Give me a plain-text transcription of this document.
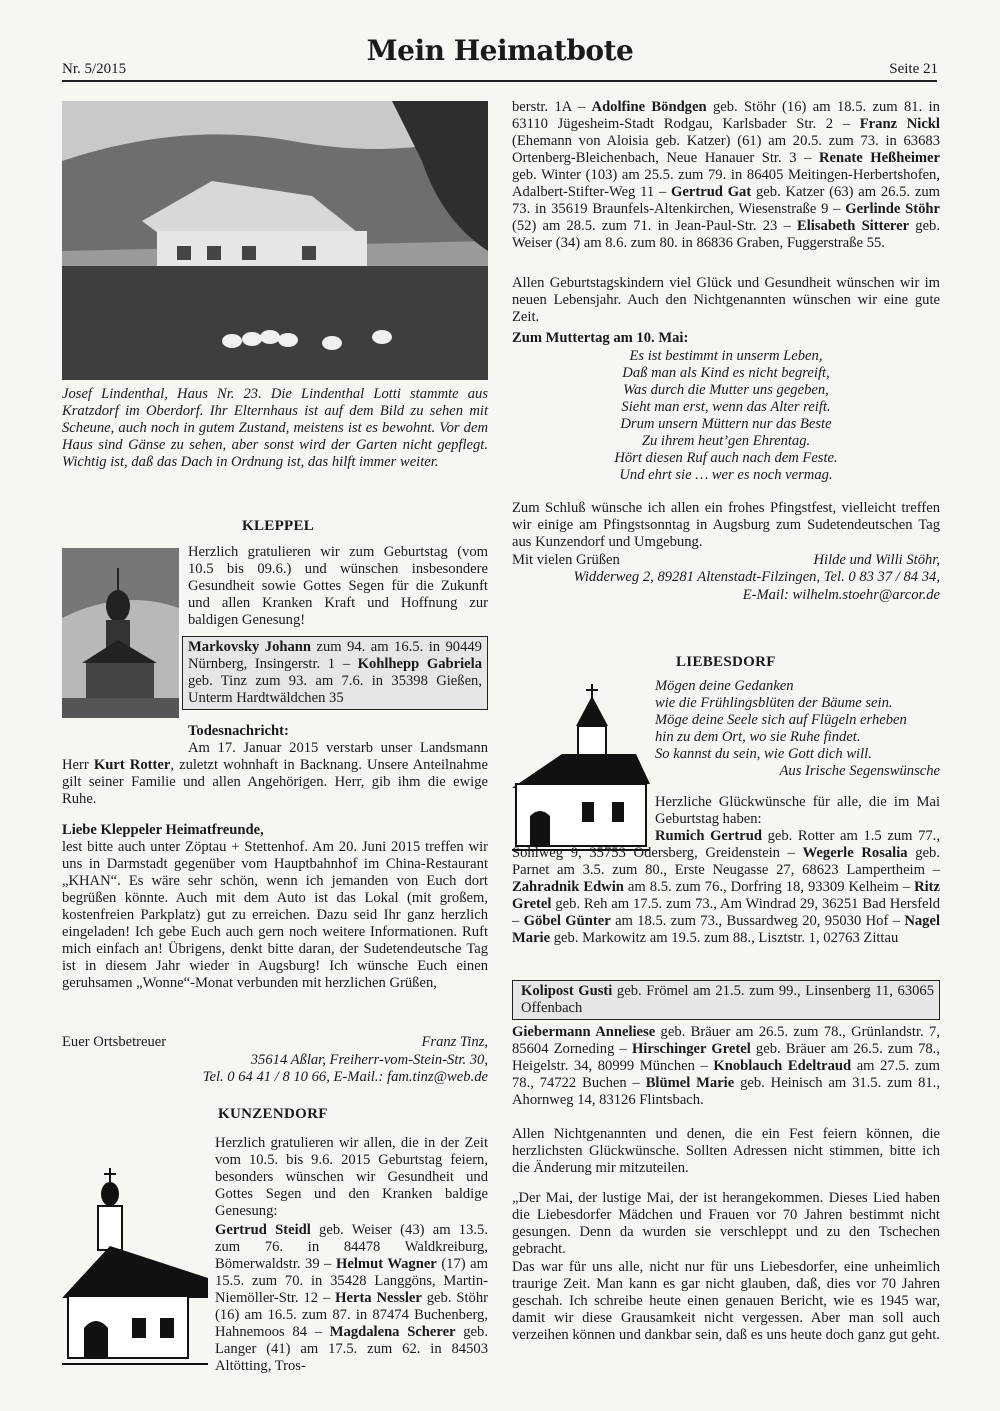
Nr. 5/2015
Mein Heimatbote
Seite 21
Josef Lindenthal, Haus Nr. 23. Die Lindenthal Lotti stammte aus Kratzdorf im Oberdorf. Ihr Elternhaus ist auf dem Bild zu sehen mit Scheune, auch noch in gutem Zustand, meistens ist es bewohnt. Vor dem Haus sind Gänse zu sehen, aber sonst wird der Garten nicht gepflegt. Wichtig ist, daß das Dach in Ordnung ist, das hilft immer weiter.
KLEPPEL
Herzlich gratulieren wir zum Geburtstag (vom 10.5 bis 09.6.) und wünschen insbesondere Gesundheit sowie Gottes Segen für die Zukunft und allen Kranken Kraft und Hoffnung zur baldigen Genesung!
Markovsky Johann zum 94. am 16.5. in 90449 Nürnberg, Insingerstr. 1 – Kohlhepp Gabriela geb. Tinz zum 93. am 7.6. in 35398 Gießen, Unterm Hardtwäldchen 35
Todesnachricht:
Am 17. Januar 2015 verstarb unser Landsmann Herr Kurt Rotter, zuletzt wohnhaft in Backnang. Unsere Anteilnahme gilt seiner Familie und allen Angehörigen. Herr, gib ihm die ewige Ruhe.
Liebe Kleppeler Heimatfreunde,
lest bitte auch unter Zöptau + Stettenhof. Am 20. Juni 2015 treffen wir uns in Darmstadt gegenüber vom Hauptbahnhof im China-Restaurant „KHAN“. Es wäre sehr schön, wenn ich jemanden von Euch dort begrüßen könnte. Auch mit dem Auto ist das Lokal (mit großem, kostenfreien Parkplatz) gut zu erreichen. Dazu seid Ihr ganz herzlich eingeladen! Ich gebe Euch auch gern noch weitere Informationen. Ruft mich einfach an! Übrigens, denkt bitte daran, der Sudetendeutsche Tag ist in diesem Jahr wieder in Augsburg! Ich wünsche Euch einen geruhsamen „Wonne“-Monat verbunden mit herzlichen Grüßen,
Euer Ortsbetreuer	Franz Tinz,
35614 Aßlar, Freiherr-vom-Stein-Str. 30,
Tel. 0 64 41 / 8 10 66, E-Mail.: fam.tinz@web.de
KUNZENDORF
Herzlich gratulieren wir allen, die in der Zeit vom 10.5. bis 9.6. 2015 Geburtstag feiern, besonders wünschen wir Gesundheit und Gottes Segen und den Kranken baldige Genesung:
Gertrud Steidl geb. Weiser (43) am 13.5. zum 76. in 84478 Waldkreiburg, Bömerwaldstr. 39 – Helmut Wagner (17) am 15.5. zum 70. in 35428 Langgöns, Martin-Niemöller-Str. 12 – Herta Nessler geb. Stöhr (16) am 16.5. zum 87. in 87474 Buchenberg, Hahnemoos 84 – Magdalena Scherer geb. Langer (41) am 17.5. zum 62. in 84503 Altötting, Tros-
berstr. 1A – Adolfine Böndgen geb. Stöhr (16) am 18.5. zum 81. in 63110 Jügesheim-Stadt Rodgau, Karlsbader Str. 2 – Franz Nickl (Ehemann von Aloisia geb. Katzer) (61) am 20.5. zum 73. in 63683 Ortenberg-Bleichenbach, Neue Hanauer Str. 3 – Renate Heßheimer geb. Winter (103) am 25.5. zum 79. in 86405 Meitingen-Herbertshofen, Adalbert-Stifter-Weg 11 – Gertrud Gat geb. Katzer (63) am 26.5. zum 73. in 35619 Braunfels-Altenkirchen, Wiesenstraße 9 – Gerlinde Stöhr (52) am 28.5. zum 71. in Jean-Paul-Str. 23 – Elisabeth Sitterer geb. Weiser (34) am 8.6. zum 80. in 86836 Graben, Fuggerstraße 55.
Allen Geburtstagskindern viel Glück und Gesundheit wünschen wir im neuen Lebensjahr. Auch den Nichtgenannten wünschen wir eine gute Zeit.
Zum Muttertag am 10. Mai:
Es ist bestimmt in unserm Leben,
Daß man als Kind es nicht begreift,
Was durch die Mutter uns gegeben,
Sieht man erst, wenn das Alter reift.
Drum unsern Müttern nur das Beste
Zu ihrem heut’gen Ehrentag.
Hört diesen Ruf auch nach dem Feste.
Und ehrt sie … wer es noch vermag.
Zum Schluß wünsche ich allen ein frohes Pfingstfest, vielleicht treffen wir einige am Pfingstsonntag in Augsburg zum Sudetendeutschen Tag aus Kunzendorf und Umgebung.
Mit vielen Grüßen	Hilde und Willi Stöhr,
Widderweg 2, 89281 Altenstadt-Filzingen, Tel. 0 83 37 / 84 34,
E-Mail: wilhelm.stoehr@arcor.de
LIEBESDORF
Mögen deine Gedanken
wie die Frühlingsblüten der Bäume sein.
Möge deine Seele sich auf Flügeln erheben
hin zu dem Ort, wo sie Ruhe findet.
So kannst du sein, wie Gott dich will.
Aus Irische Segenswünsche
Herzliche Glückwünsche für alle, die im Mai Geburtstag haben:
Rumich Gertrud geb. Rotter am 1.5 zum 77., Sohlweg 9, 35753 Odersberg, Greidenstein – Wegerle Rosalia geb. Parnet am 3.5. zum 80., Erste Neugasse 27, 68623 Lampertheim – Zahradnik Edwin am 8.5. zum 76., Dorfring 18, 93309 Kelheim – Ritz Gretel geb. Reh am 17.5. zum 73., Am Windrad 29, 36251 Bad Hersfeld – Göbel Günter am 18.5. zum 73., Bussardweg 20, 95030 Hof – Nagel Marie geb. Markowitz am 19.5. zum 88., Lisztstr. 1, 02763 Zittau
Kolipost Gusti geb. Frömel am 21.5. zum 99., Linsenberg 11, 63065 Offenbach
Giebermann Anneliese geb. Bräuer am 26.5. zum 78., Grünlandstr. 7, 85604 Zorneding – Hirschinger Gretel geb. Bräuer am 26.5. zum 78., Heigelstr. 34, 80999 München – Knoblauch Edeltraud am 27.5. zum 78., 74722 Buchen – Blümel Marie geb. Heinisch am 31.5. zum 81., Ahornweg 14, 83126 Flintsbach.
Allen Nichtgenannten und denen, die ein Fest feiern können, die herzlichsten Glückwünsche. Sollten Adressen nicht stimmen, bitte ich die Änderung mir mitzuteilen.
„Der Mai, der lustige Mai, der ist herangekommen. Dieses Lied haben die Liebesdorfer Mädchen und Frauen vor 70 Jahren bestimmt nicht gesungen. Denn da wurden sie verschleppt und zu den Tschechen gebracht.
Das war für uns alle, nicht nur für uns Liebesdorfer, eine unheimlich traurige Zeit. Man kann es gar nicht glauben, daß, dies vor 70 Jahren geschah. Ich schreibe heute einen genauen Bericht, wie es 1945 war, damit wir diese Grausamkeit nicht vergessen. Aber man soll auch verzeihen können und dankbar sein, daß es uns heute doch ganz gut geht.
